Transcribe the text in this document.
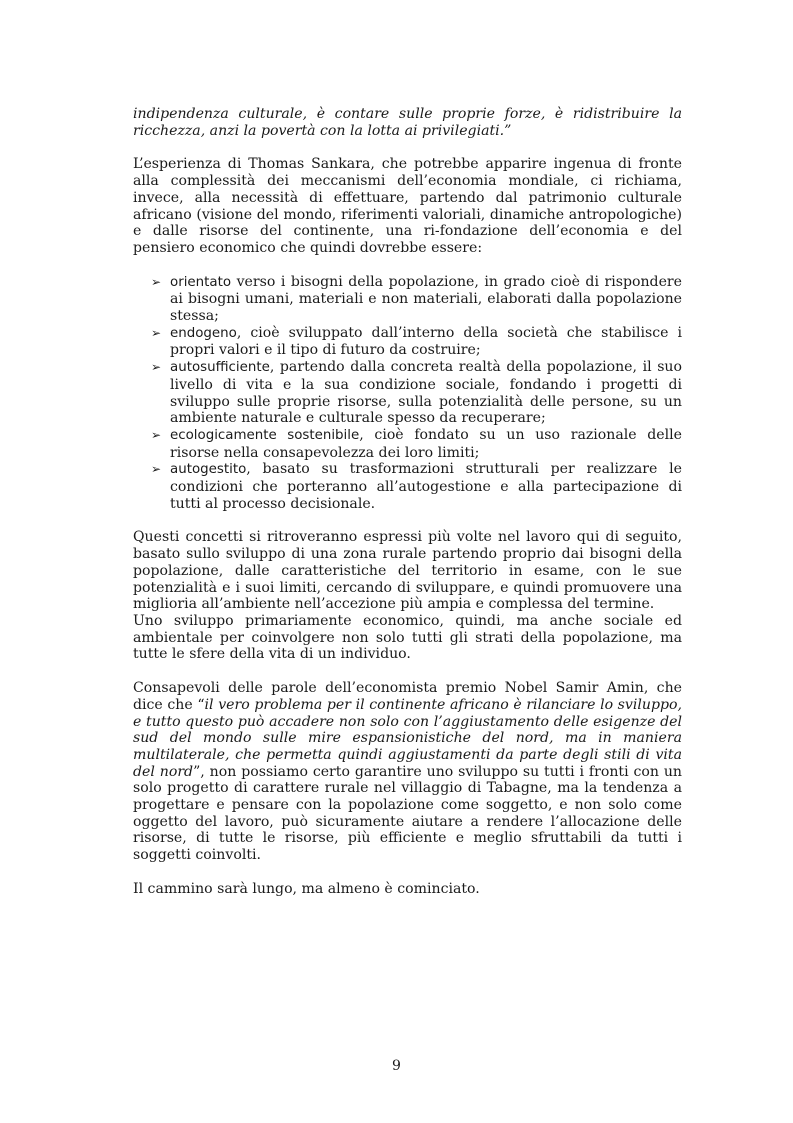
indipendenza culturale, è contare sulle proprie forze, è ridistribuire la ricchezza, anzi la povertà con la lotta ai privilegiati.”

L’esperienza di Thomas Sankara, che potrebbe apparire ingenua di fronte alla complessità dei meccanismi dell’economia mondiale, ci richiama, invece, alla necessità di effettuare, partendo dal patrimonio culturale africano (visione del mondo, riferimenti valoriali, dinamiche antropologiche) e dalle risorse del continente, una ri-fondazione dell’economia e del pensiero economico che quindi dovrebbe essere:

➢ orientato verso i bisogni della popolazione, in grado cioè di rispondere ai bisogni umani, materiali e non materiali, elaborati dalla popolazione stessa;
➢ endogeno, cioè sviluppato dall’interno della società che stabilisce i propri valori e il tipo di futuro da costruire;
➢ autosufficiente, partendo dalla concreta realtà della popolazione, il suo livello di vita e la sua condizione sociale, fondando i progetti di sviluppo sulle proprie risorse, sulla potenzialità delle persone, su un ambiente naturale e culturale spesso da recuperare;
➢ ecologicamente sostenibile, cioè fondato su un uso razionale delle risorse nella consapevolezza dei loro limiti;
➢ autogestito, basato su trasformazioni strutturali per realizzare le condizioni che porteranno all’autogestione e alla partecipazione di tutti al processo decisionale.

Questi concetti si ritroveranno espressi più volte nel lavoro qui di seguito, basato sullo sviluppo di una zona rurale partendo proprio dai bisogni della popolazione, dalle caratteristiche del territorio in esame, con le sue potenzialità e i suoi limiti, cercando di sviluppare, e quindi promuovere una miglioria all’ambiente nell’accezione più ampia e complessa del termine.

Uno sviluppo primariamente economico, quindi, ma anche sociale ed ambientale per coinvolgere non solo tutti gli strati della popolazione, ma tutte le sfere della vita di un individuo.

Consapevoli delle parole dell’economista premio Nobel Samir Amin, che dice che “il vero problema per il continente africano è rilanciare lo sviluppo, e tutto questo può accadere non solo con l’aggiustamento delle esigenze del sud del mondo sulle mire espansionistiche del nord, ma in maniera multilaterale, che permetta quindi aggiustamenti da parte degli stili di vita del nord”, non possiamo certo garantire uno sviluppo su tutti i fronti con un solo progetto di carattere rurale nel villaggio di Tabagne, ma la tendenza a progettare e pensare con la popolazione come soggetto, e non solo come oggetto del lavoro, può sicuramente aiutare a rendere l’allocazione delle risorse, di tutte le risorse, più efficiente e meglio sfruttabili da tutti i soggetti coinvolti.

Il cammino sarà lungo, ma almeno è cominciato.

9
